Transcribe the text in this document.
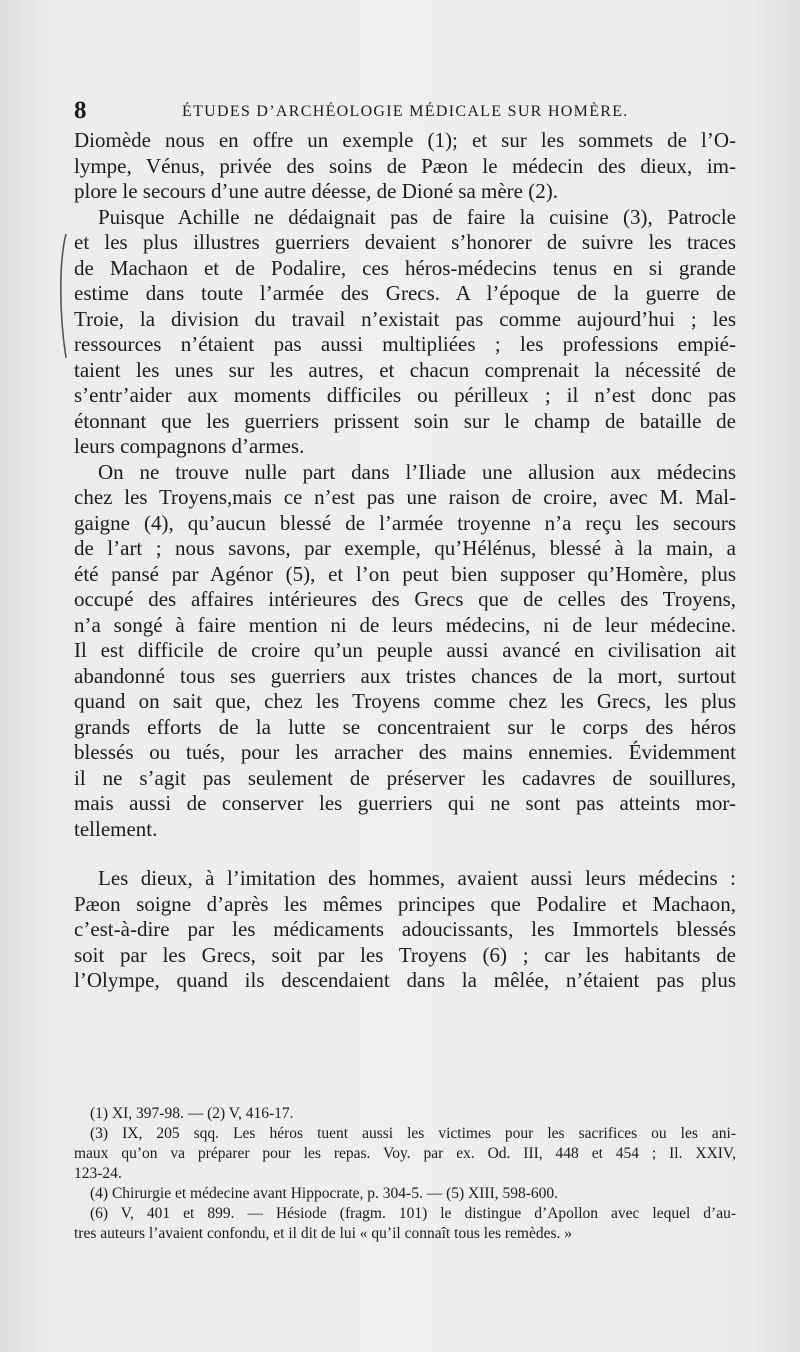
8	ÉTUDES D’ARCHÉOLOGIE MÉDICALE SUR HOMÈRE.
Diomède nous en offre un exemple (1); et sur les sommets de l’O-
lympe, Vénus, privée des soins de Pæon le médecin des dieux, im-
plore le secours d’une autre déesse, de Dioné sa mère (2).
Puisque Achille ne dédaignait pas de faire la cuisine (3), Patrocle
et les plus illustres guerriers devaient s’honorer de suivre les traces
de Machaon et de Podalire, ces héros-médecins tenus en si grande
estime dans toute l’armée des Grecs. A l’époque de la guerre de
Troie, la division du travail n’existait pas comme aujourd’hui ; les
ressources n’étaient pas aussi multipliées ; les professions empié-
taient les unes sur les autres, et chacun comprenait la nécessité de
s’entr’aider aux moments difficiles ou périlleux ; il n’est donc pas
étonnant que les guerriers prissent soin sur le champ de bataille de
leurs compagnons d’armes.
On ne trouve nulle part dans l’Iliade une allusion aux médecins
chez les Troyens,mais ce n’est pas une raison de croire, avec M. Mal-
gaigne (4), qu’aucun blessé de l’armée troyenne n’a reçu les secours
de l’art ; nous savons, par exemple, qu’Hélénus, blessé à la main, a
été pansé par Agénor (5), et l’on peut bien supposer qu’Homère, plus
occupé des affaires intérieures des Grecs que de celles des Troyens,
n’a songé à faire mention ni de leurs médecins, ni de leur médecine.
Il est difficile de croire qu’un peuple aussi avancé en civilisation ait
abandonné tous ses guerriers aux tristes chances de la mort, surtout
quand on sait que, chez les Troyens comme chez les Grecs, les plus
grands efforts de la lutte se concentraient sur le corps des héros
blessés ou tués, pour les arracher des mains ennemies. Évidemment
il ne s’agit pas seulement de préserver les cadavres de souillures,
mais aussi de conserver les guerriers qui ne sont pas atteints mor-
tellement.
Les dieux, à l’imitation des hommes, avaient aussi leurs médecins :
Pæon soigne d’après les mêmes principes que Podalire et Machaon,
c’est-à-dire par les médicaments adoucissants, les Immortels blessés
soit par les Grecs, soit par les Troyens (6) ; car les habitants de
l’Olympe, quand ils descendaient dans la mêlée, n’étaient pas plus
(1) XI, 397-98. — (2) V, 416-17.
(3) IX, 205 sqq. Les héros tuent aussi les victimes pour les sacrifices ou les ani-
maux qu’on va préparer pour les repas. Voy. par ex. Od. III, 448 et 454 ; Il. XXIV,
123-24.
(4) Chirurgie et médecine avant Hippocrate, p. 304-5. — (5) XIII, 598-600.
(6) V, 401 et 899. — Hésiode (fragm. 101) le distingue d’Apollon avec lequel d’au-
tres auteurs l’avaient confondu, et il dit de lui « qu’il connaît tous les remèdes. »
